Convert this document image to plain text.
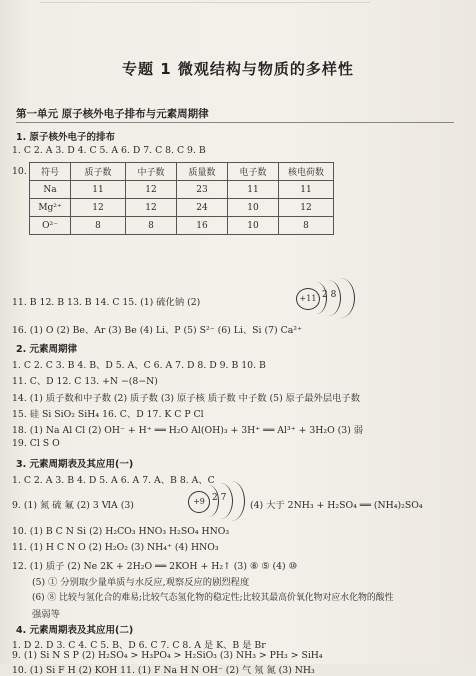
专题 1 微观结构与物质的多样性
第一单元 原子核外电子排布与元素周期律
1. 原子核外电子的排布
1. C 2. A 3. D 4. C 5. A 6. D 7. C 8. C 9. B
10. 符号	质子数	中子数	质量数	电子数	核电荷数
Na	11	12	23	11	11
Mg²⁺	12	12	24	10	12
O²⁻	8	8	16	10	8
11. B 12. B 13. B 14. C 15. (1) 硫化钠 (2)	+11 2 8
16. (1) O (2) Be、Ar (3) Be (4) Li、P (5) S²⁻ (6) Li、Si (7) Ca²⁺
2. 元素周期律
1. C 2. C 3. B 4. B、D 5. A、C 6. A 7. D 8. D 9. B 10. B
11. C、D 12. C 13. +N −(8−N)
14. (1) 质子数和中子数 (2) 质子数 (3) 原子核 质子数 中子数 (5) 原子最外层电子数
15. 硅 Si SiO₂ SiH₄ 16. C、D 17. K C P Cl
18. (1) Na Al Cl (2) OH⁻ + H⁺ ══ H₂O Al(OH)₃ + 3H⁺ ══ Al³⁺ + 3H₂O (3) 弱
19. Cl S O
3. 元素周期表及其应用(一)
1. C 2. A 3. B 4. D 5. A 6. A 7. A、B 8. A、C
9. (1) 氮 硫 氟 (2) 3 ⅥA (3)	+9 2 7
(4) 大于 2NH₃ + H₂SO₄ ══ (NH₄)₂SO₄
10. (1) B C N Si (2) H₂CO₃ HNO₃ H₂SO₄ HNO₃
11. (1) H C N O (2) H₂O₂ (3) NH₄⁺ (4) HNO₃
12. (1) 质子 (2) Ne 2K + 2H₂O ══ 2KOH + H₂↑ (3) ⑧ ⑤ (4) ⑩
(5) ① 分别取少量单质与水反应,观察反应的剧烈程度
(6) ⑧ 比较与氢化合的难易;比较气态氢化物的稳定性;比较其最高价氧化物对应水化物的酸性
强弱等
4. 元素周期表及其应用(二)
1. D 2. D 3. C 4. C 5. B、D 6. C 7. C 8. A 是 K、B 是 Br
9. (1) Si N S P (2) H₂SO₄ > H₃PO₄ > H₂SiO₃ (3) NH₃ > PH₃ > SiH₄
10. (1) Si F H (2) KOH 11. (1) F Na H N OH⁻ (2) 气 氖 氮 (3) NH₃
